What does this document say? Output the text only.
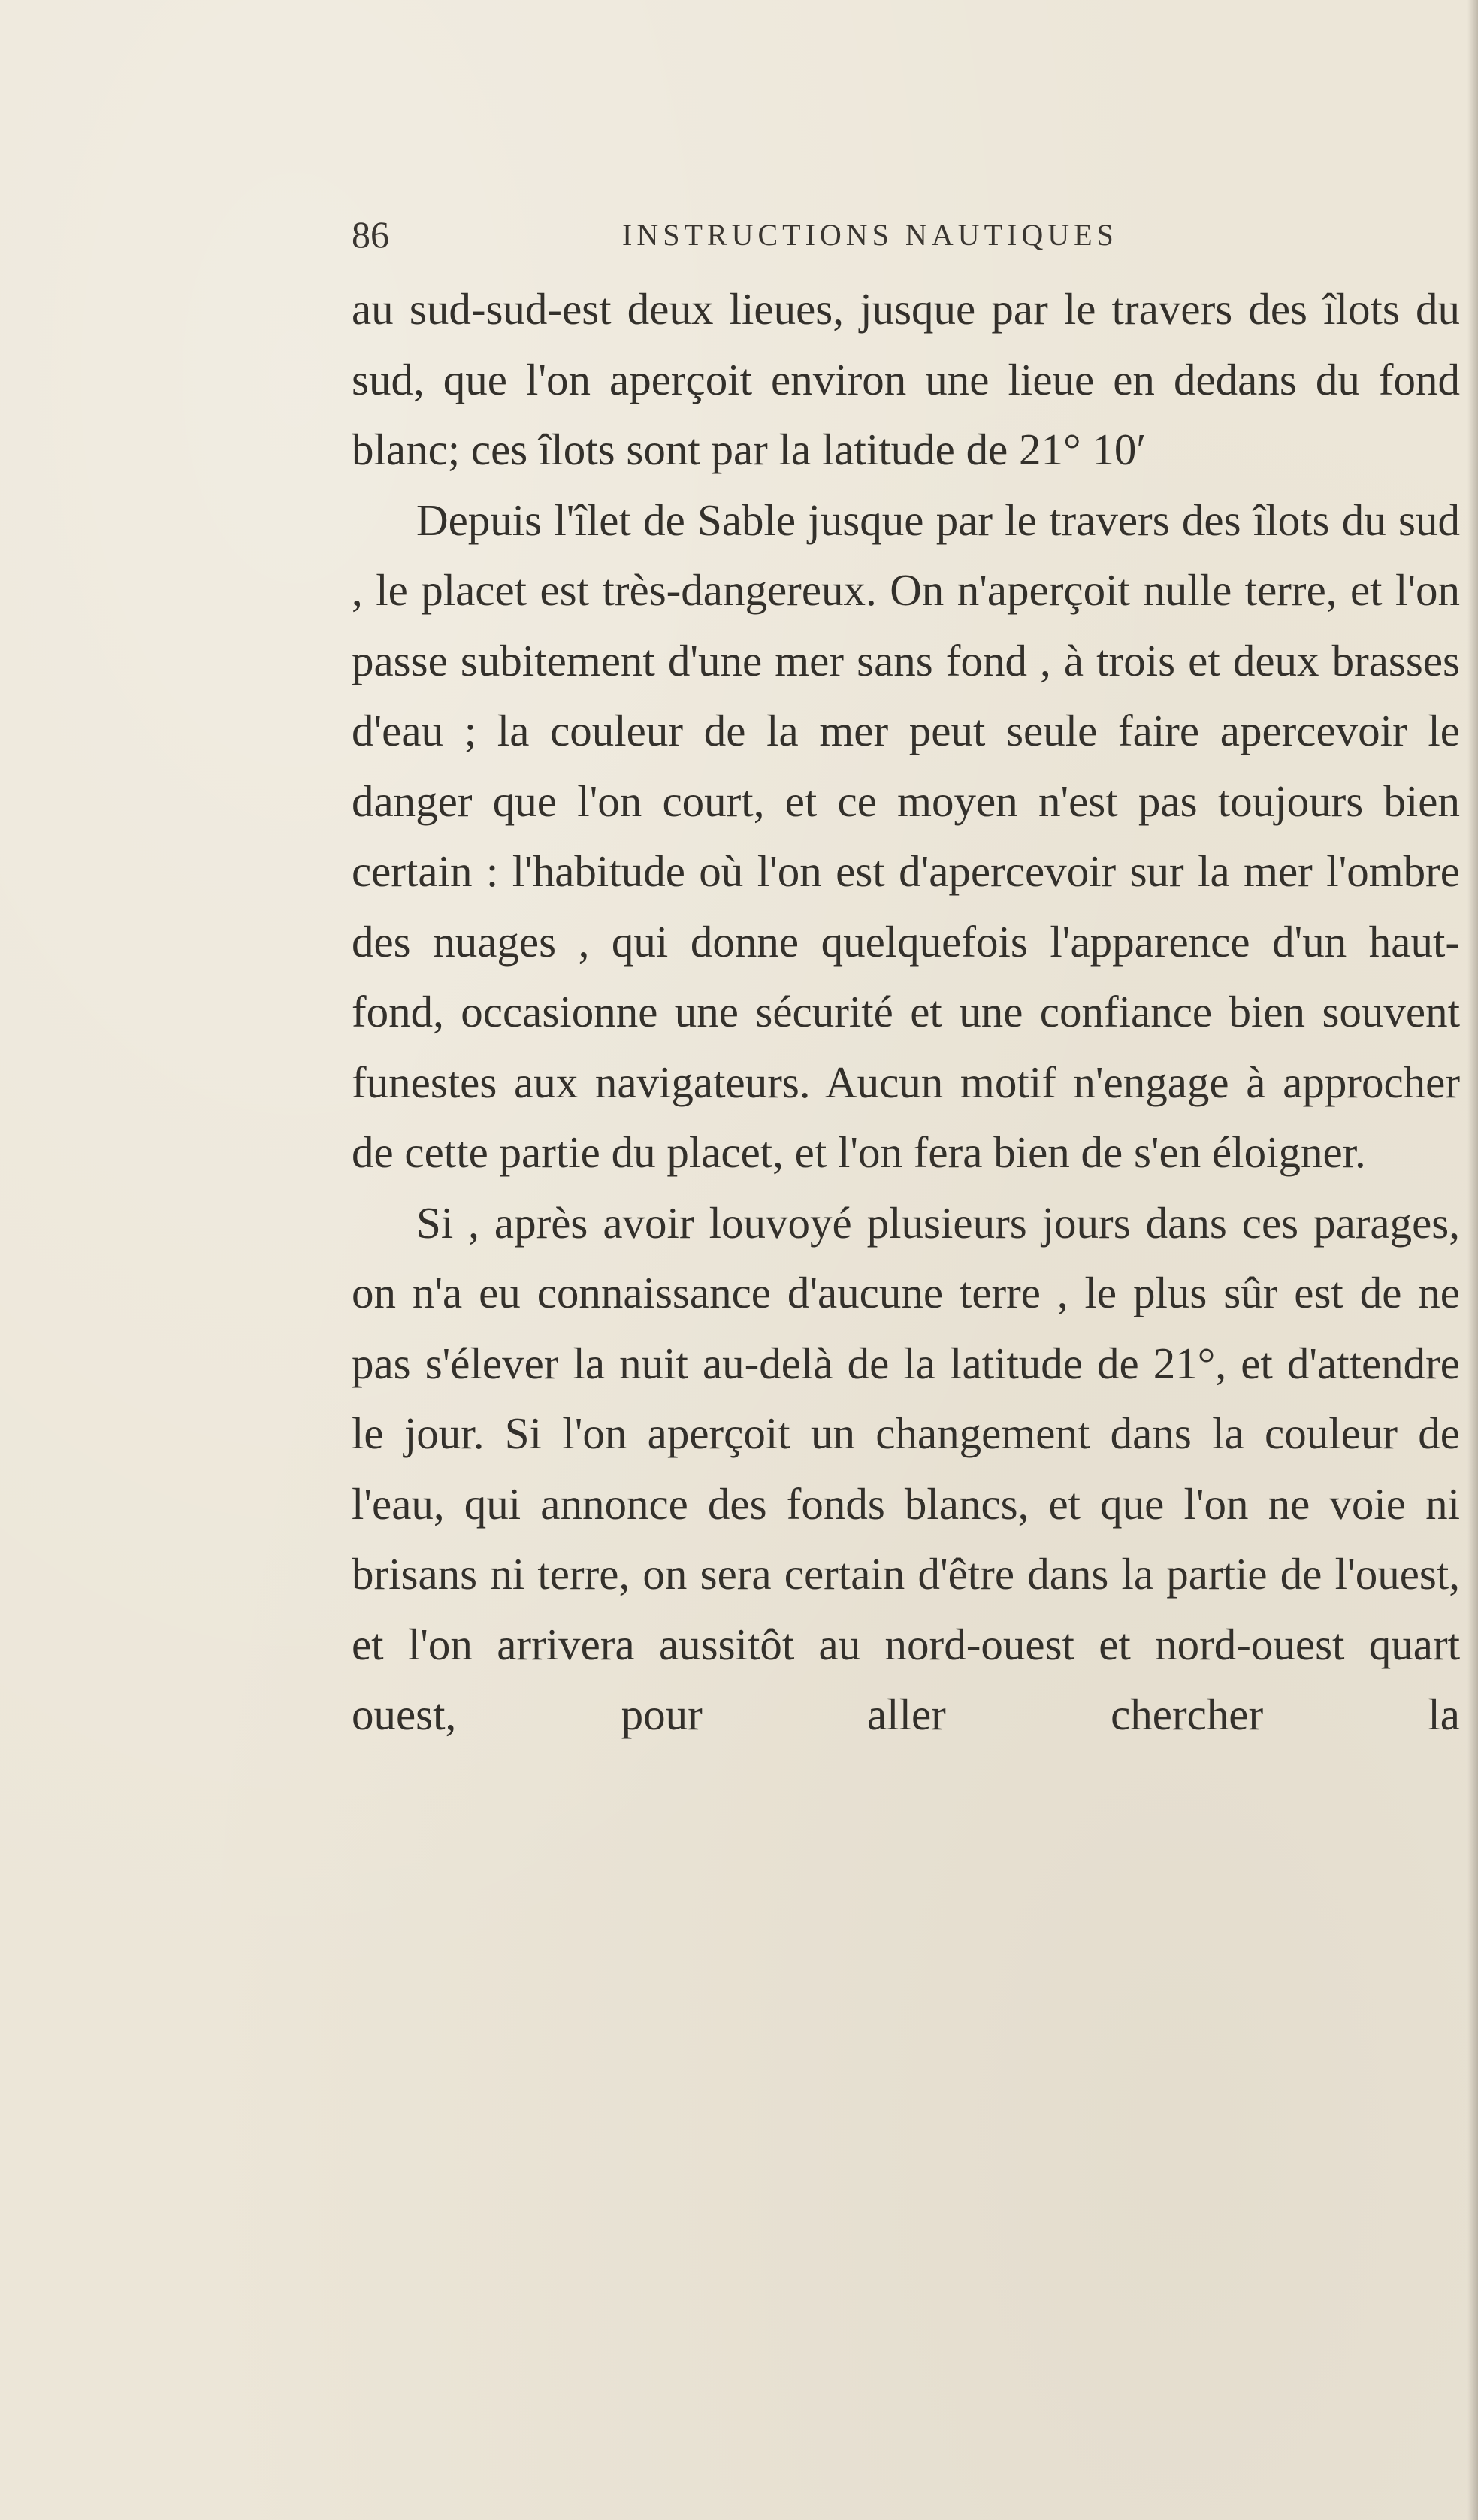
86	INSTRUCTIONS NAUTIQUES

au sud-sud-est deux lieues, jusque par le travers des îlots du sud, que l'on aperçoit environ une lieue en dedans du fond blanc; ces îlots sont par la latitude de 21° 10′

Depuis l'îlet de Sable jusque par le travers des îlots du sud , le placet est très-dangereux. On n'aperçoit nulle terre, et l'on passe subitement d'une mer sans fond , à trois et deux brasses d'eau ; la couleur de la mer peut seule faire apercevoir le danger que l'on court, et ce moyen n'est pas toujours bien certain : l'habitude où l'on est d'apercevoir sur la mer l'ombre des nuages , qui donne quelquefois l'apparence d'un haut-fond, occasionne une sécurité et une confiance bien souvent funestes aux navigateurs. Aucun motif n'engage à approcher de cette partie du placet, et l'on fera bien de s'en éloigner.

Si , après avoir louvoyé plusieurs jours dans ces parages, on n'a eu connaissance d'aucune terre , le plus sûr est de ne pas s'élever la nuit au-delà de la latitude de 21°, et d'attendre le jour. Si l'on aperçoit un changement dans la couleur de l'eau, qui annonce des fonds blancs, et que l'on ne voie ni brisans ni terre, on sera certain d'être dans la partie de l'ouest, et l'on arrivera aussitôt au nord-ouest et nord-ouest quart ouest, pour aller chercher la
